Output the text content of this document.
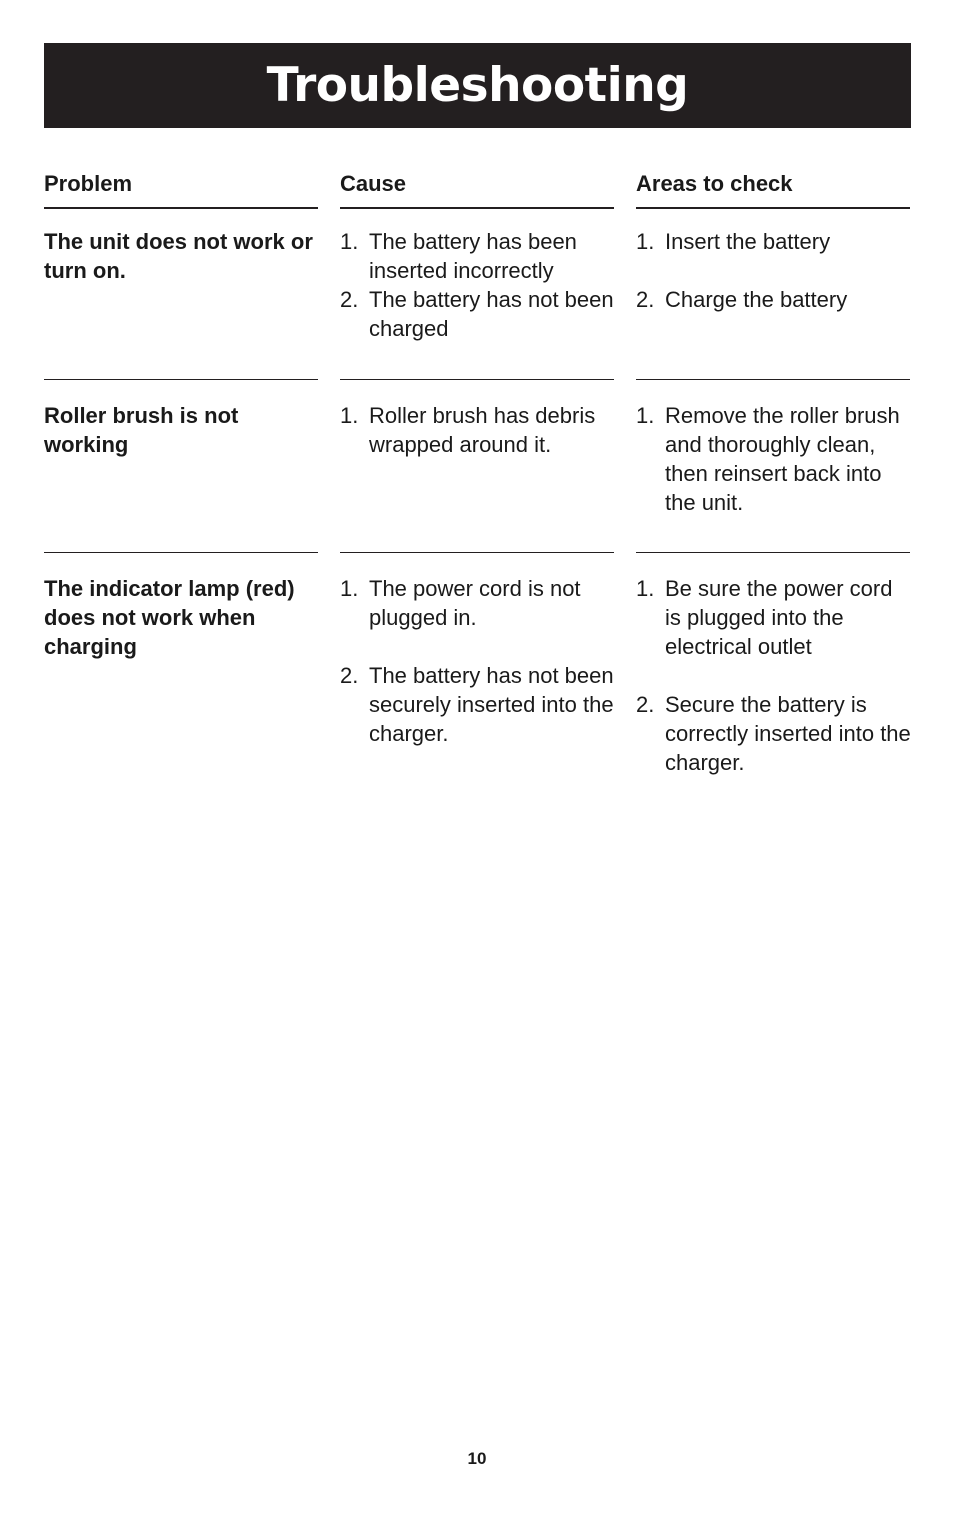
Troubleshooting
Problem	Cause	Areas to check
The unit does not work or turn on.
1. The battery has been inserted incorrectly
2. The battery has not been charged
1. Insert the battery
2. Charge the battery
Roller brush is not working
1. Roller brush has debris wrapped around it.
1. Remove the roller brush and thoroughly clean, then reinsert back into the unit.
The indicator lamp (red) does not work when charging
1. The power cord is not plugged in.
2. The battery has not been securely inserted into the charger.
1. Be sure the power cord is plugged into the electrical outlet
2. Secure the battery is correctly inserted into the charger.
10
